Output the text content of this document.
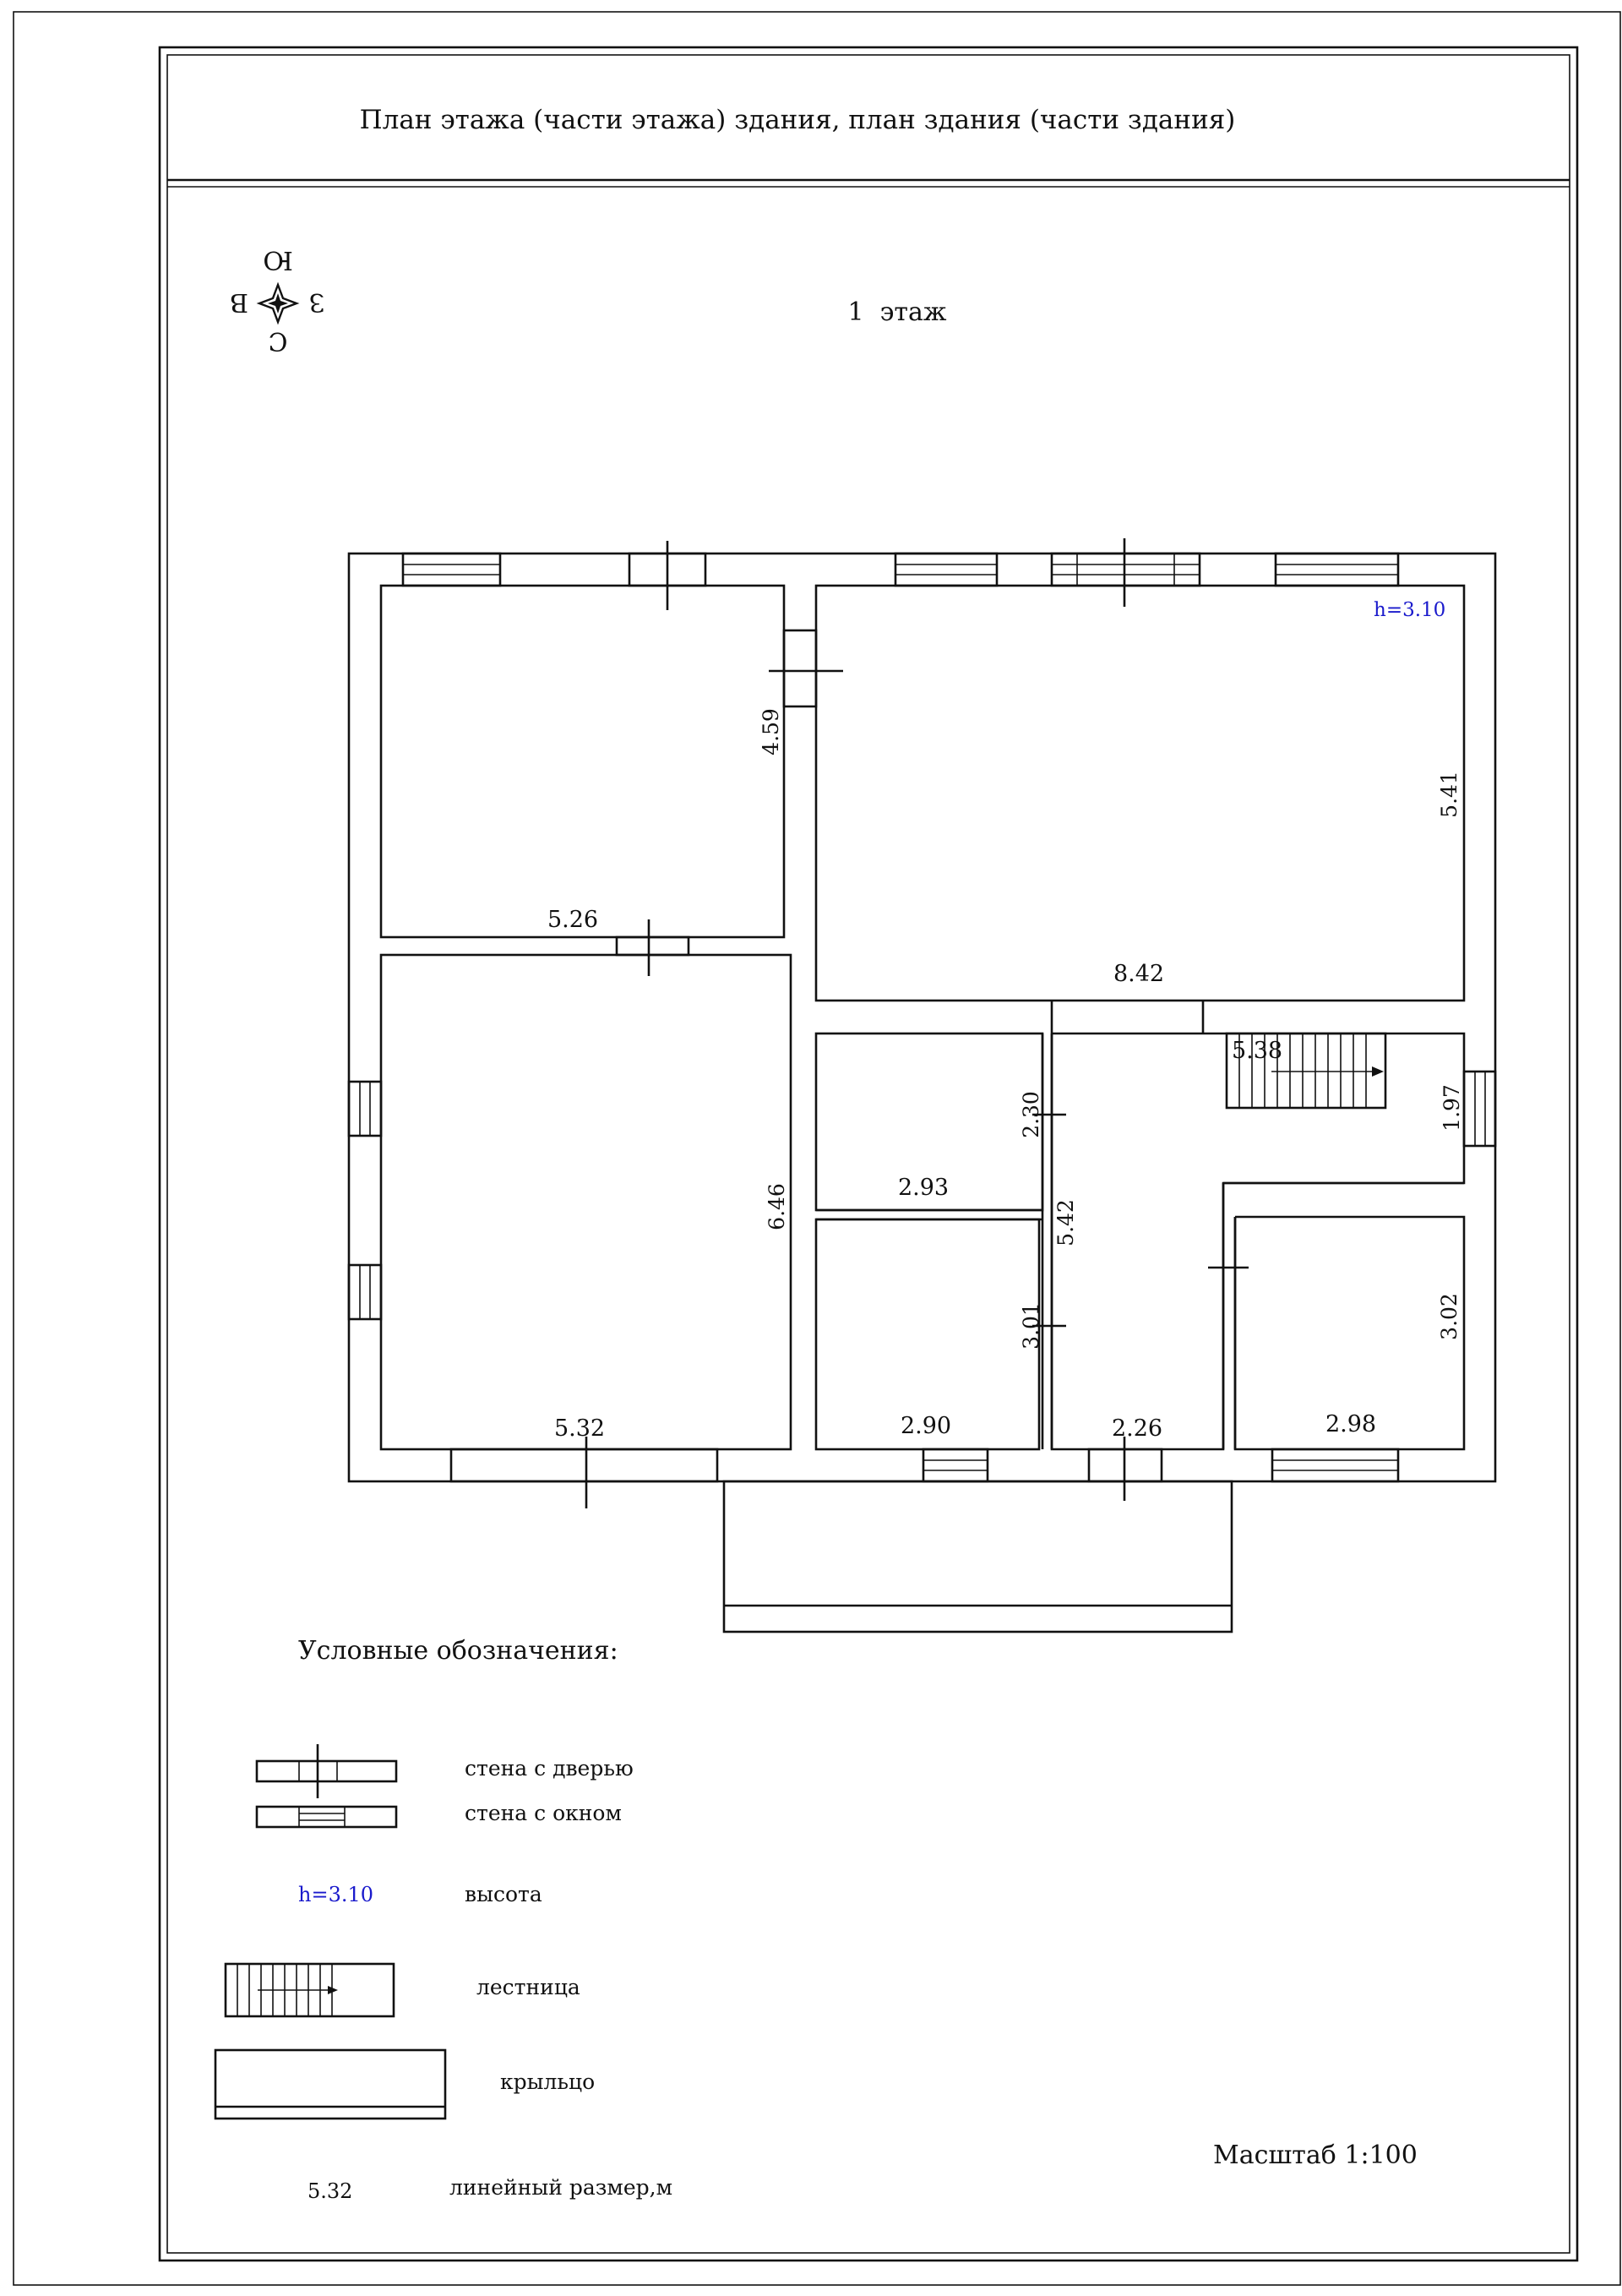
План этажа (части этажа) здания, план здания (части здания)
Ю
С
З
В	1  этаж
h=3.10
4.59
5.41
5.26
8.42
5.38
2.30	1.97
6.46	2.93
5.42
3.01	3.02
5.32	2.90	2.26	2.98
Условные обозначения:
стена с дверью
стена с окном
h=3.10	высота
лестница
крыльцо
5.32	линейный размер,м
Масштаб 1:100
